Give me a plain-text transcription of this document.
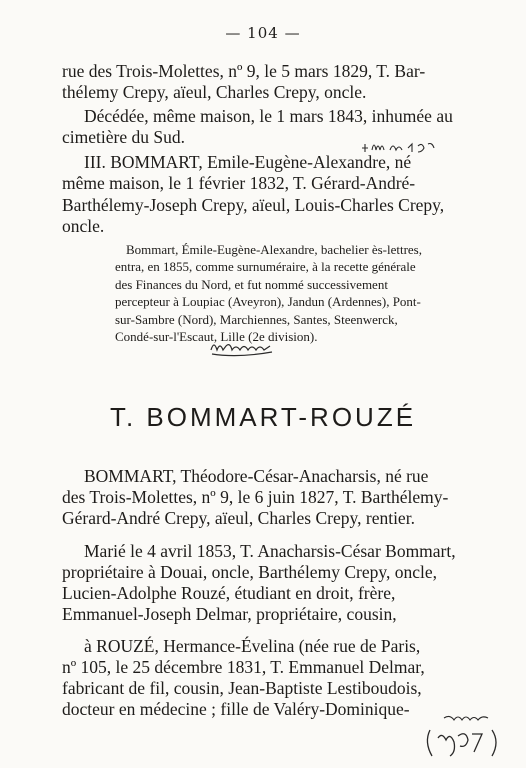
— 104 —
rue des Trois-Molettes, nº 9, le 5 mars 1829, T. Bar-
thélemy Crepy, aïeul, Charles Crepy, oncle.
Décédée, même maison, le 1 mars 1843, inhumée au
cimetière du Sud.
III. BOMMART, Emile-Eugène-Alexandre, né
même maison, le 1 février 1832, T. Gérard-André-
Barthélemy-Joseph Crepy, aïeul, Louis-Charles Crepy,
oncle.
Bommart, Émile-Eugène-Alexandre, bachelier ès-lettres,
entra, en 1855, comme surnuméraire, à la recette générale
des Finances du Nord, et fut nommé successivement
percepteur à Loupiac (Aveyron), Jandun (Ardennes), Pont-
sur-Sambre (Nord), Marchiennes, Santes, Steenwerck,
Condé-sur-l'Escaut, Lille (2e division).
T. BOMMART-ROUZÉ
BOMMART, Théodore-César-Anacharsis, né rue
des Trois-Molettes, nº 9, le 6 juin 1827, T. Barthélemy-
Gérard-André Crepy, aïeul, Charles Crepy, rentier.
Marié le 4 avril 1853, T. Anacharsis-César Bommart,
propriétaire à Douai, oncle, Barthélemy Crepy, oncle,
Lucien-Adolphe Rouzé, étudiant en droit, frère,
Emmanuel-Joseph Delmar, propriétaire, cousin,
à ROUZÉ, Hermance-Évelina (née rue de Paris,
nº 105, le 25 décembre 1831, T. Emmanuel Delmar,
fabricant de fil, cousin, Jean-Baptiste Lestiboudois,
docteur en médecine ; fille de Valéry-Dominique-
